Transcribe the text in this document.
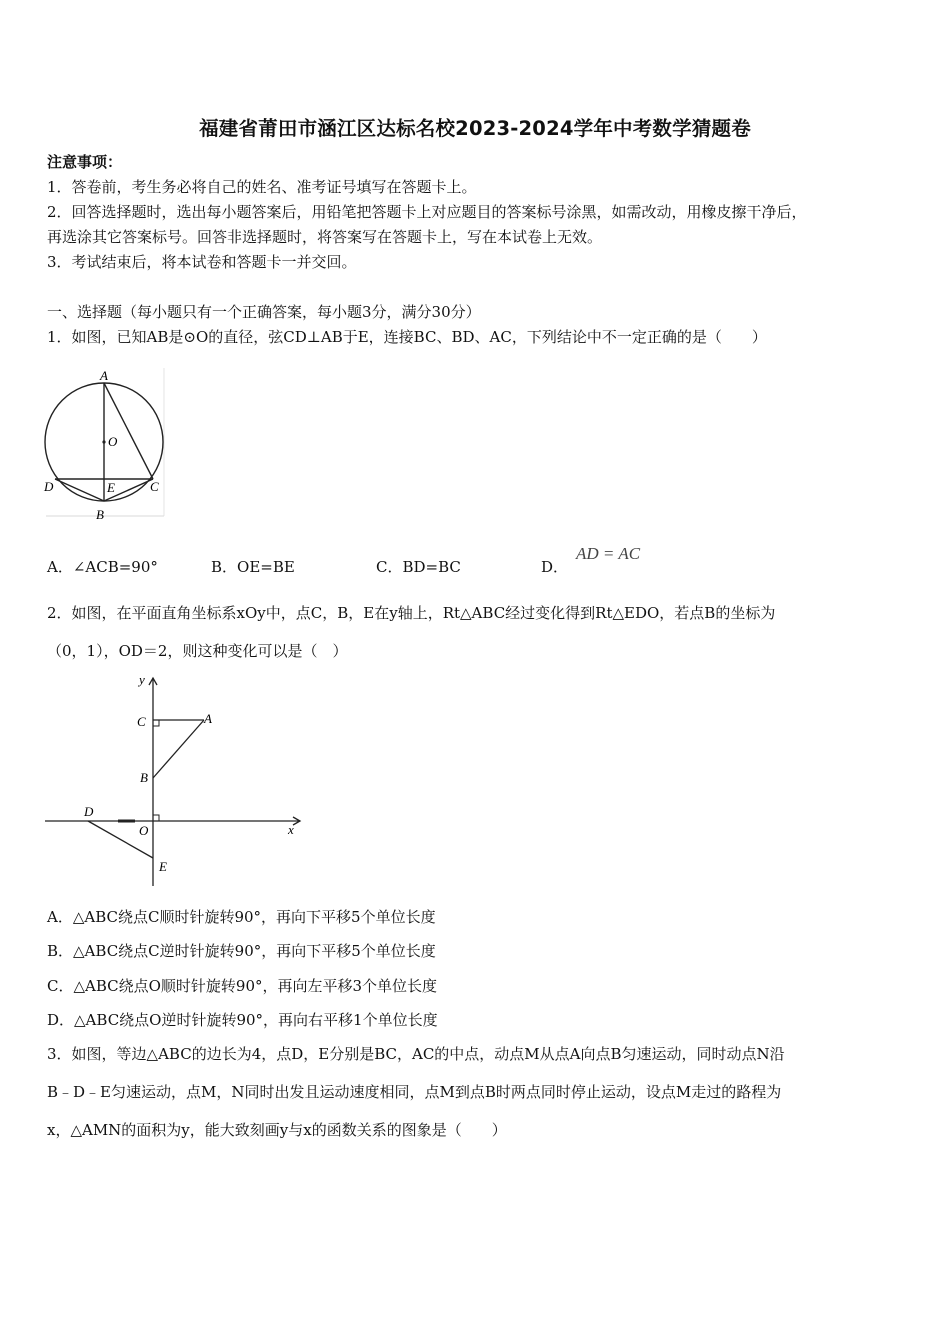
福建省莆田市涵江区达标名校2023-2024学年中考数学猜题卷
注意事项：
1．答卷前，考生务必将自己的姓名、准考证号填写在答题卡上。
2．回答选择题时，选出每小题答案后，用铅笔把答题卡上对应题目的答案标号涂黑，如需改动，用橡皮擦干净后，
再选涂其它答案标号。回答非选择题时，将答案写在答题卡上，写在本试卷上无效。
3．考试结束后，将本试卷和答题卡一并交回。
一、选择题（每小题只有一个正确答案，每小题3分，满分30分）
1．如图，已知AB是⊙O的直径，弦CD⊥AB于E，连接BC、BD、AC，下列结论中不一定正确的是（　　）
A
O
D	E	C
B
A．∠ACB=90°	B．OE=BE	C．BD=BC	D．
AD = AC
2．如图，在平面直角坐标系xOy中，点C，B，E在y轴上，Rt△ABC经过变化得到Rt△EDO，若点B的坐标为
（0，1），OD＝2，则这种变化可以是（　）
y
C	A
B
D
O	x
E
A．△ABC绕点C顺时针旋转90°，再向下平移5个单位长度
B．△ABC绕点C逆时针旋转90°，再向下平移5个单位长度
C．△ABC绕点O顺时针旋转90°，再向左平移3个单位长度
D．△ABC绕点O逆时针旋转90°，再向右平移1个单位长度
3．如图，等边△ABC的边长为4，点D，E分别是BC，AC的中点，动点M从点A向点B匀速运动，同时动点N沿
B﹣D﹣E匀速运动，点M，N同时出发且运动速度相同，点M到点B时两点同时停止运动，设点M走过的路程为
x，△AMN的面积为y，能大致刻画y与x的函数关系的图象是（　　）
